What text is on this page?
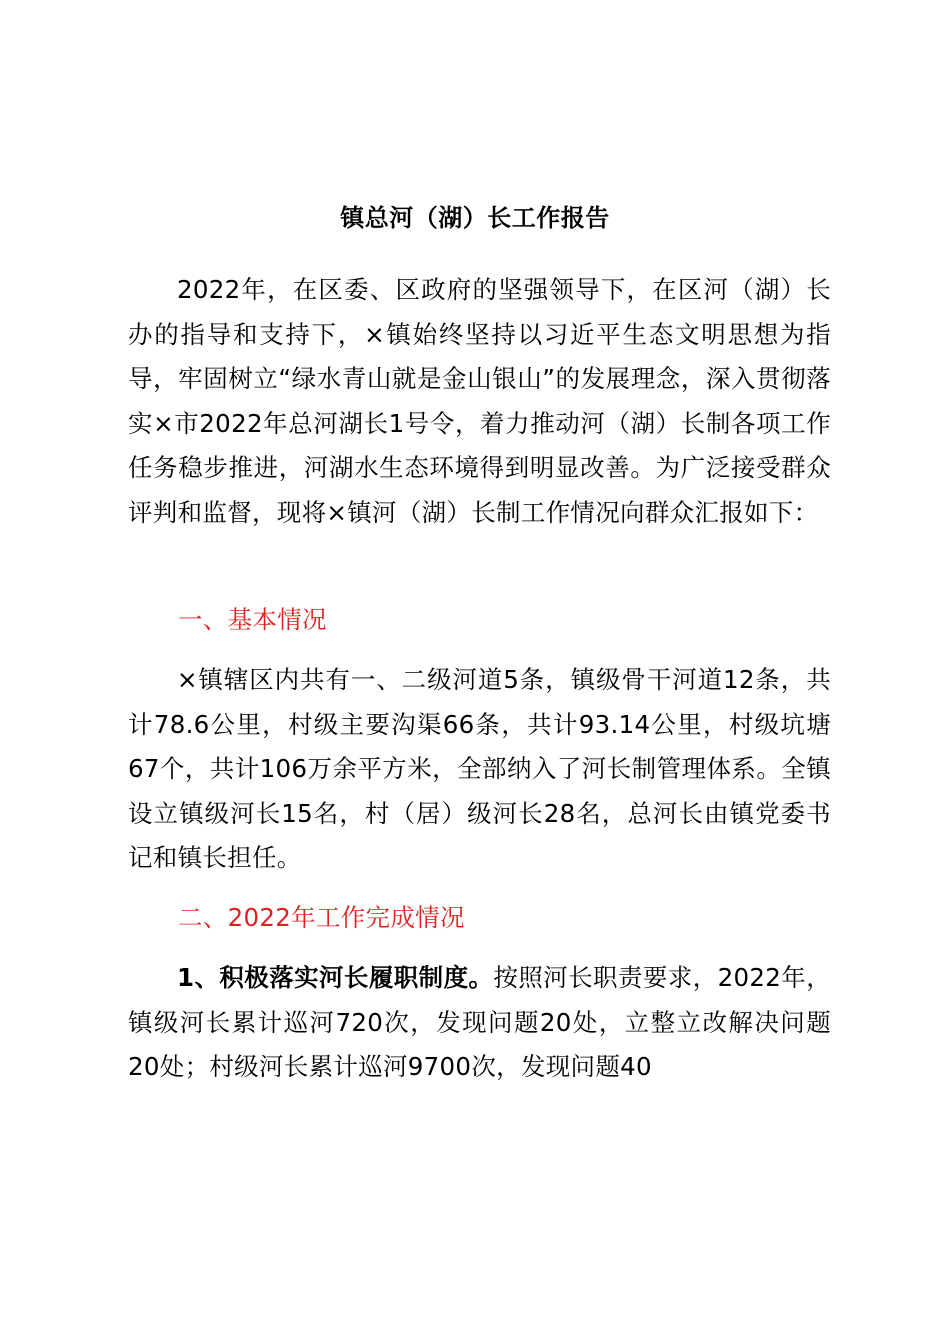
镇总河（湖）长工作报告
2022年，在区委、区政府的坚强领导下，在区河（湖）长办的指导和支持下，×镇始终坚持以习近平生态文明思想为指导，牢固树立“绿水青山就是金山银山”的发展理念，深入贯彻落实×市2022年总河湖长1号令，着力推动河（湖）长制各项工作任务稳步推进，河湖水生态环境得到明显改善。为广泛接受群众评判和监督，现将×镇河（湖）长制工作情况向群众汇报如下：
一、基本情况
×镇辖区内共有一、二级河道5条，镇级骨干河道12条，共计78.6公里，村级主要沟渠66条，共计93.14公里，村级坑塘67个，共计106万余平方米，全部纳入了河长制管理体系。全镇设立镇级河长15名，村（居）级河长28名，总河长由镇党委书记和镇长担任。
二、2022年工作完成情况
1、积极落实河长履职制度。按照河长职责要求，2022年，镇级河长累计巡河720次，发现问题20处，立整立改解决问题20处；村级河长累计巡河9700次，发现问题40
